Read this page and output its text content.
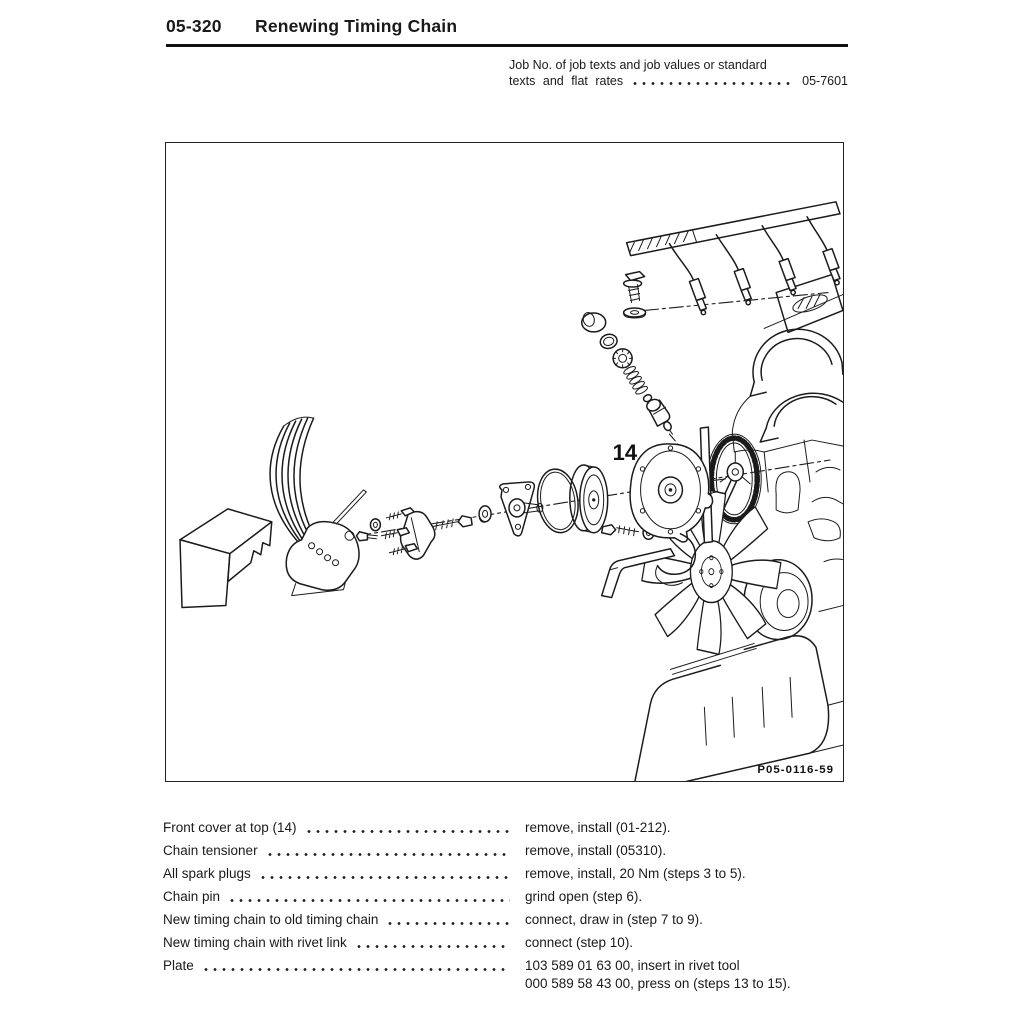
05-320	Renewing Timing Chain
Job No. of job texts and job values or standard
texts and flat rates	05-7601
14
P05-0116-59
Front cover at top (14)	remove, install (01-212).
Chain tensioner	remove, install (05310).
All spark plugs	remove, install, 20 Nm (steps 3 to 5).
Chain pin	grind open (step 6).
New timing chain to old timing chain	connect, draw in (step 7 to 9).
New timing chain with rivet link	connect (step 10).
Plate	103 589 01 63 00, insert in rivet tool
000 589 58 43 00, press on (steps 13 to 15).
